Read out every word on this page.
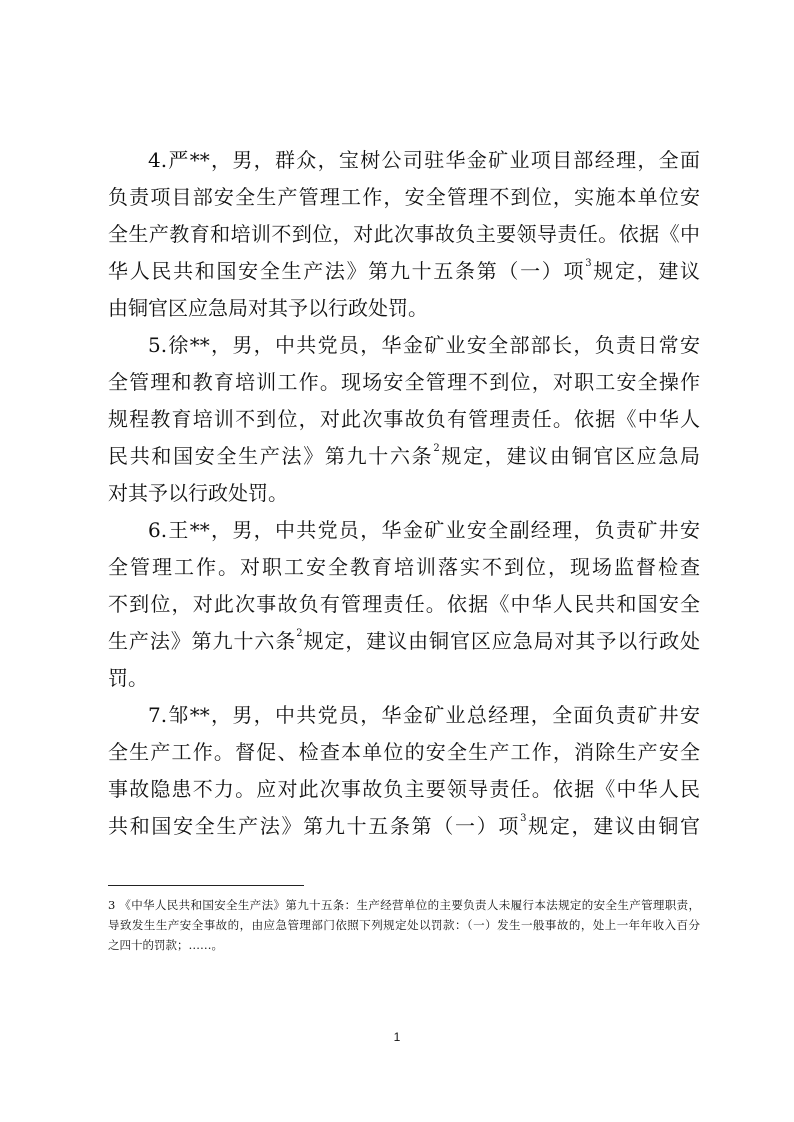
4.严**，男，群众，宝树公司驻华金矿业项目部经理，全面
负责项目部安全生产管理工作，安全管理不到位，实施本单位安
全生产教育和培训不到位，对此次事故负主要领导责任。依据《中
华人民共和国安全生产法》第九十五条第（一）项$^3$规定，建议
由铜官区应急局对其予以行政处罚。
5.徐**，男，中共党员，华金矿业安全部部长，负责日常安
全管理和教育培训工作。现场安全管理不到位，对职工安全操作
规程教育培训不到位，对此次事故负有管理责任。依据《中华人
民共和国安全生产法》第九十六条$^2$规定，建议由铜官区应急局
对其予以行政处罚。
6.王**，男，中共党员，华金矿业安全副经理，负责矿井安
全管理工作。对职工安全教育培训落实不到位，现场监督检查
不到位，对此次事故负有管理责任。依据《中华人民共和国安全
生产法》第九十六条$^2$规定，建议由铜官区应急局对其予以行政处
罚。
7.邹**，男，中共党员，华金矿业总经理，全面负责矿井安
全生产工作。督促、检查本单位的安全生产工作，消除生产安全
事故隐患不力。应对此次事故负主要领导责任。依据《中华人民
共和国安全生产法》第九十五条第（一）项$^3$规定，建议由铜官
3 《中华人民共和国安全生产法》第九十五条：生产经营单位的主要负责人未履行本法规定的安全生产管理职责，
导致发生生产安全事故的，由应急管理部门依照下列规定处以罚款：（一）发生一般事故的，处上一年年收入百分
之四十的罚款；……。
1
